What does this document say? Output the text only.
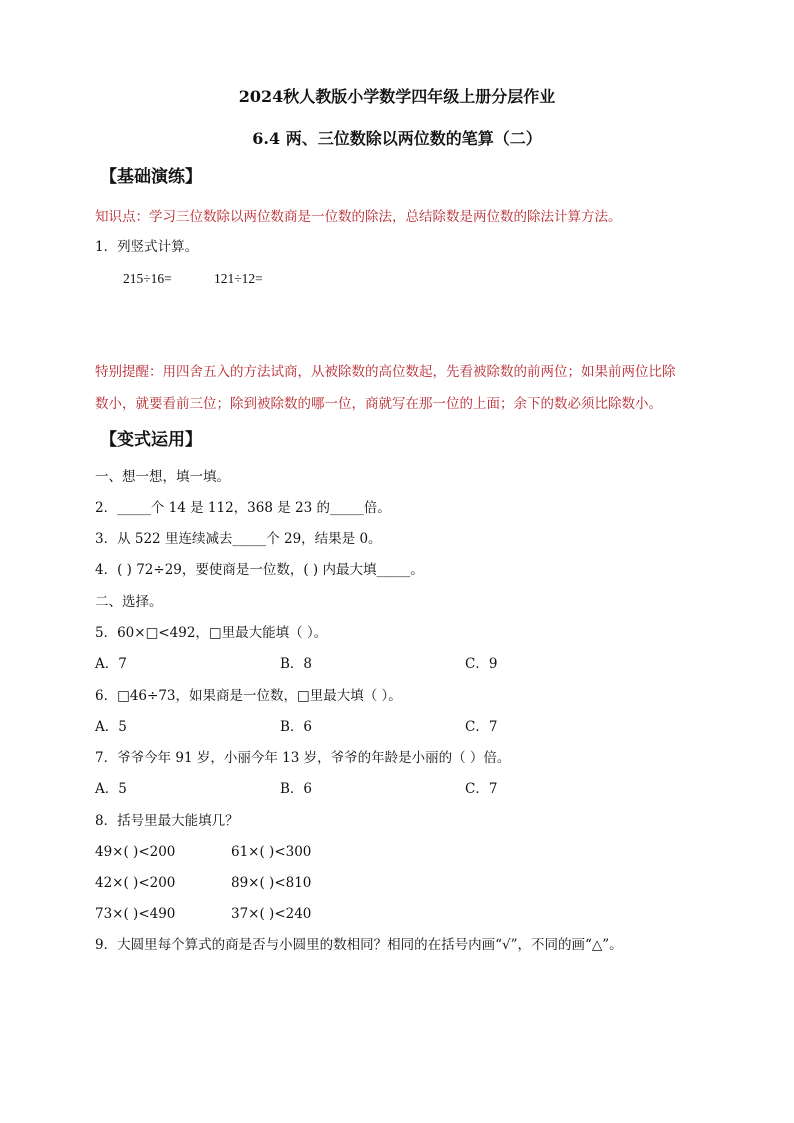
2024秋人教版小学数学四年级上册分层作业
6.4 两、三位数除以两位数的笔算（二）
【基础演练】
知识点：学习三位数除以两位数商是一位数的除法，总结除数是两位数的除法计算方法。
1．列竖式计算。
215÷16=	121÷12=
特别提醒：用四舍五入的方法试商，从被除数的高位数起，先看被除数的前两位；如果前两位比除
数小，就要看前三位；除到被除数的哪一位，商就写在那一位的上面；余下的数必须比除数小。
【变式运用】
一、想一想，填一填。
2．_____个 14 是 112，368 是 23 的_____倍。
3．从 522 里连续减去_____个 29，结果是 0。
4．( ) 72÷29，要使商是一位数，( ) 内最大填_____。
二、选择。
5．60×□<492，□里最大能填（ ）。
A．7	B．8	C．9
6．□46÷73，如果商是一位数，□里最大填（ ）。
A．5	B．6	C．7
7．爷爷今年 91 岁，小丽今年 13 岁，爷爷的年龄是小丽的（ ）倍。
A．5	B．6	C．7
8．括号里最大能填几？
49×( )<200	61×( )<300
42×( )<200	89×( )<810
73×( )<490	37×( )<240
9．大圆里每个算式的商是否与小圆里的数相同？相同的在括号内画“√”，不同的画“△”。
